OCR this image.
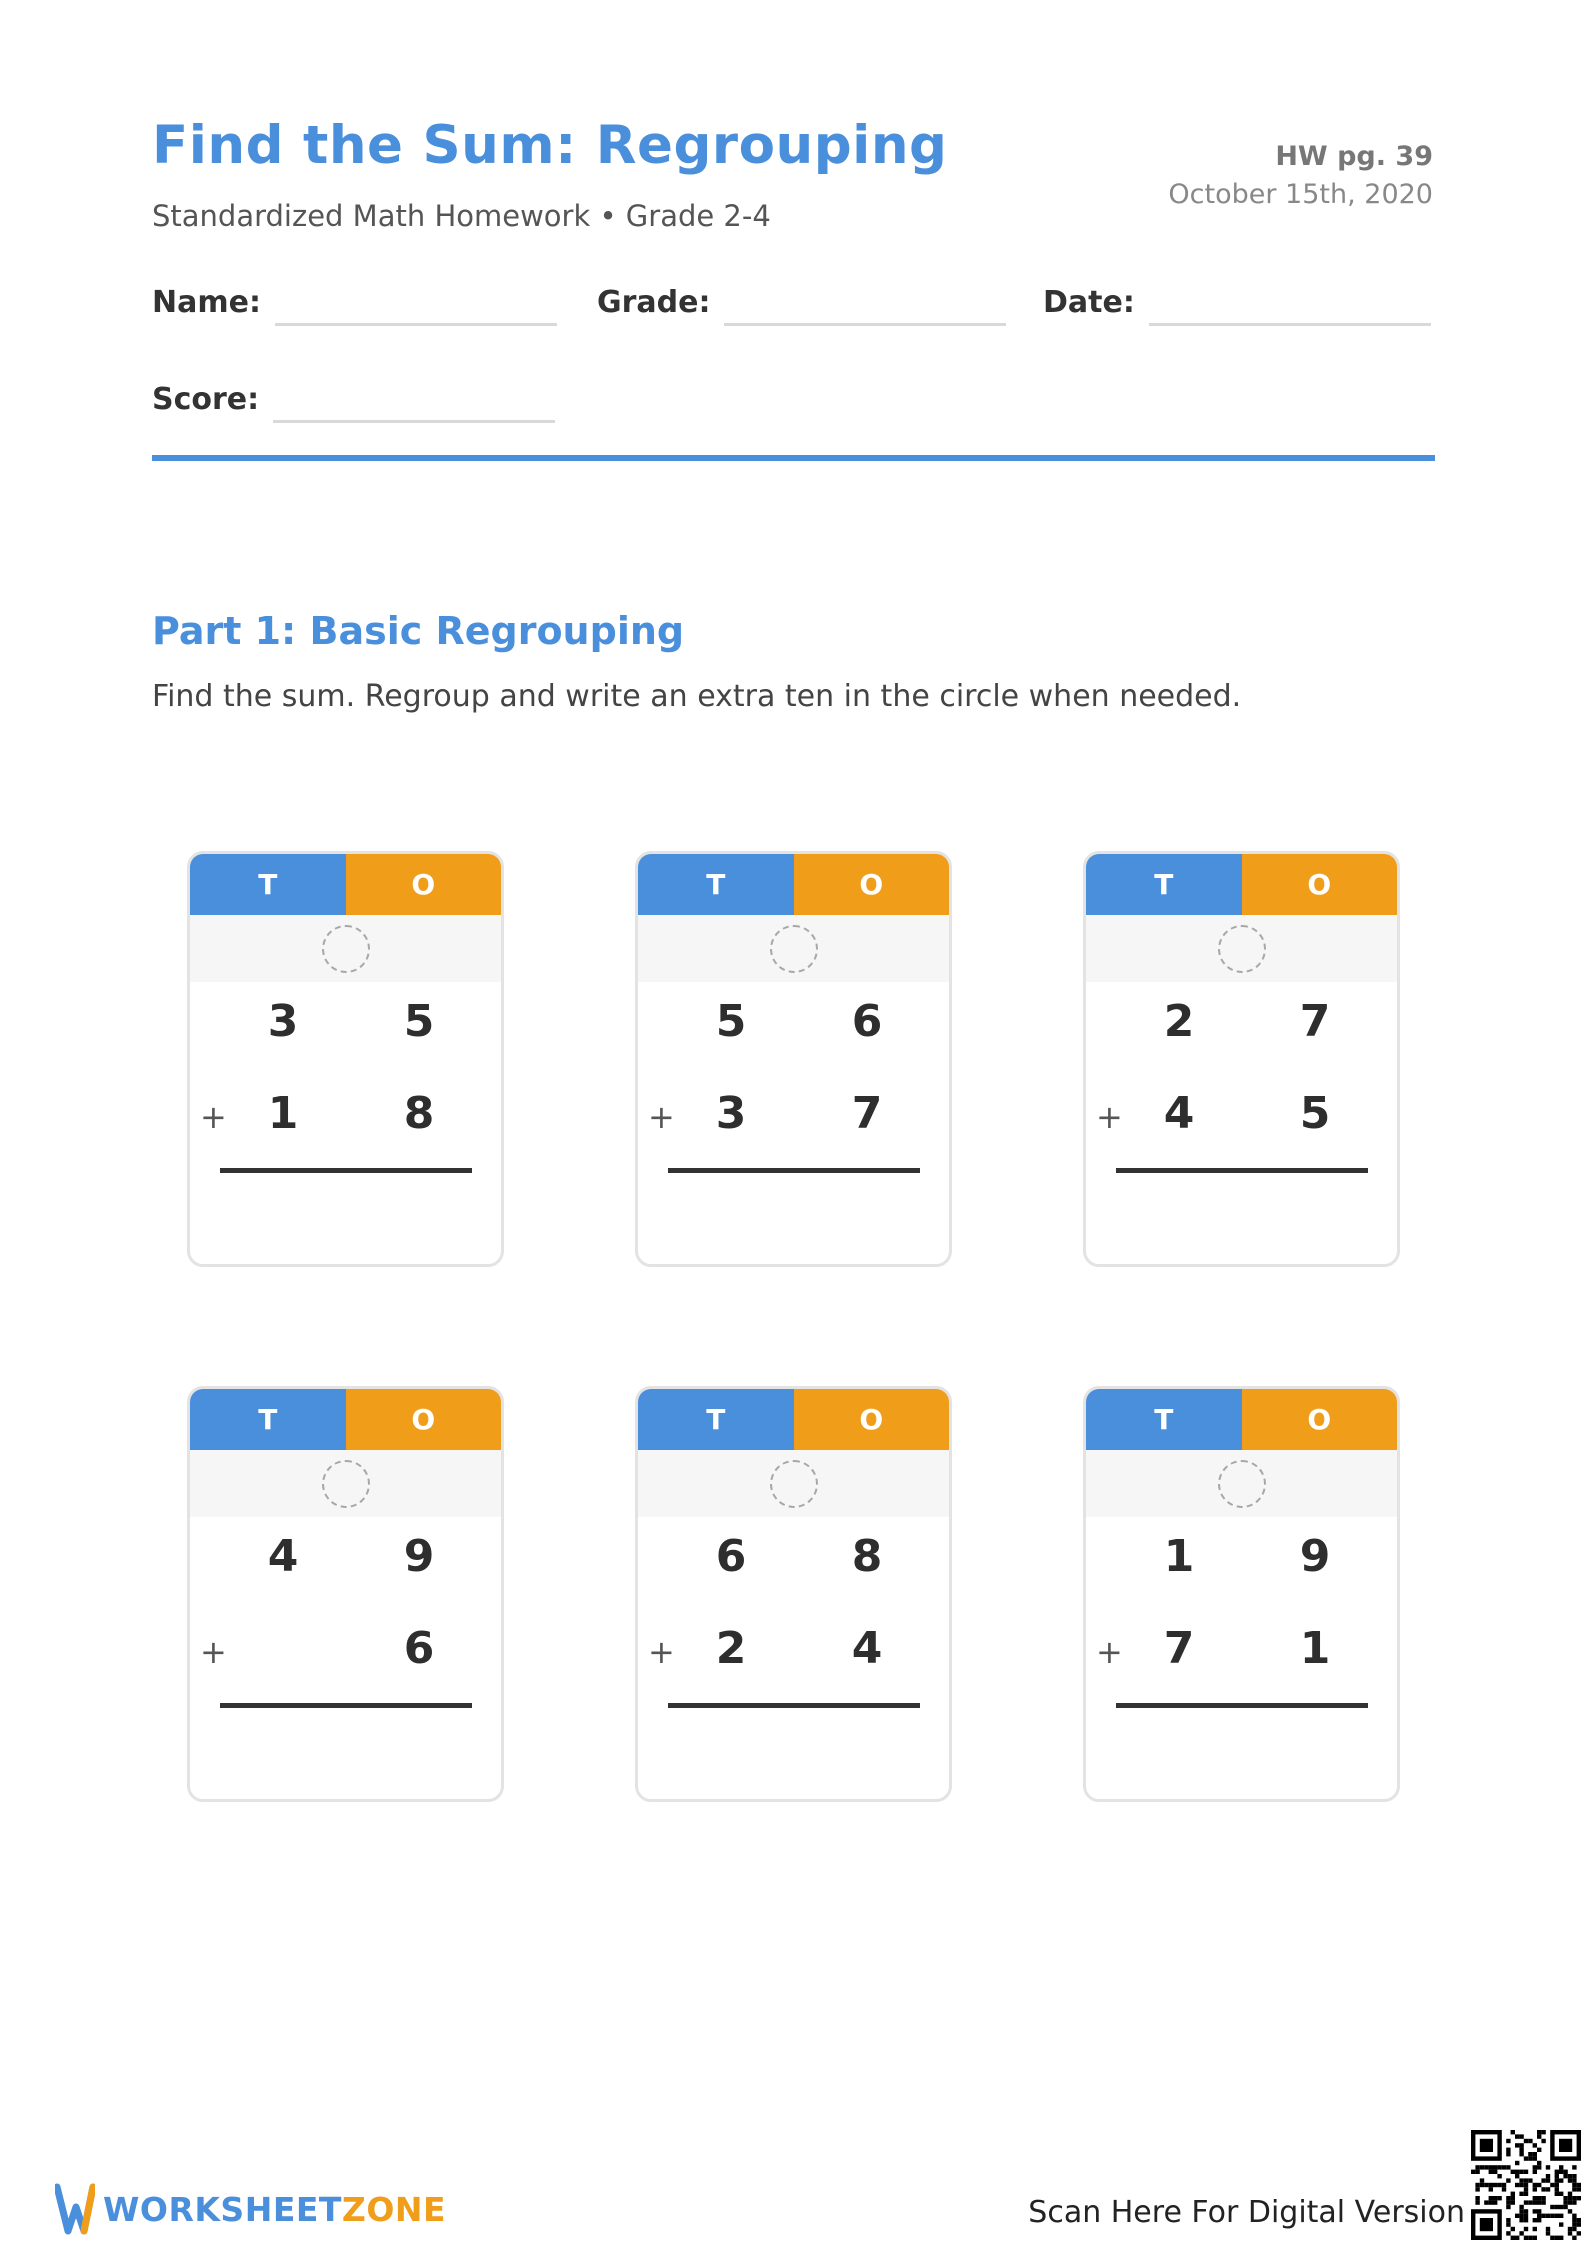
Find the Sum: Regrouping
Standardized Math Homework • Grade 2-4
HW pg. 39
October 15th, 2020
Name:	Grade:	Date:
Score:
Part 1: Basic Regrouping
Find the sum. Regroup and write an extra ten in the circle when needed.
T	O
3	5
+ 1	8
T	O
5	6
+ 3	7
T	O
2	7
+ 4	5
T	O
4	9
+	6
T	O
6	8
+ 2	4
T	O
1	9
+ 7	1
WORKSHEETZONE	Scan Here For Digital Version
